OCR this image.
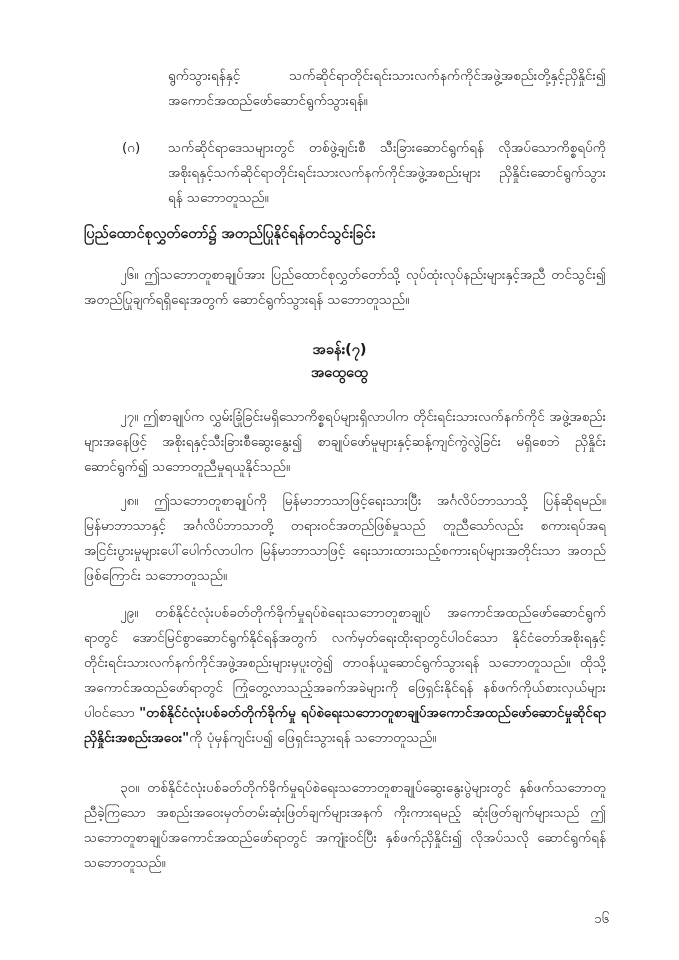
ရွက်သွားရန်နှင့် သက်ဆိုင်ရာတိုင်းရင်းသားလက်နက်ကိုင်အဖွဲ့အစည်းတို့နှင့်ညှိနှိုင်း၍ အကောင်အထည်ဖော်ဆောင်ရွက်သွားရန်။

(ဂ) သက်ဆိုင်ရာဒေသများတွင် တစ်ဖွဲ့ချင်းစီ သီးခြားဆောင်ရွက်ရန် လိုအပ်သောကိစ္စရပ်ကို အစိုးရနှင့်သက်ဆိုင်ရာတိုင်းရင်းသားလက်နက်ကိုင်အဖွဲ့အစည်းများ ညှိနှိုင်းဆောင်ရွက်သွားရန် သဘောတူသည်။

ပြည်ထောင်စုလွှတ်တော်၌ အတည်ပြုနိုင်ရန်တင်သွင်းခြင်း

၂၆။ ဤသဘောတူစာချုပ်အား ပြည်ထောင်စုလွှတ်တော်သို့ လုပ်ထုံးလုပ်နည်းများနှင့်အညီ တင်သွင်း၍ အတည်ပြုချက်ရရှိရေးအတွက် ဆောင်ရွက်သွားရန် သဘောတူသည်။

အခန်း(၇)

အထွေထွေ

၂၇။ ဤစာချုပ်က လွှမ်းခြုံခြင်းမရှိသောကိစ္စရပ်များရှိလာပါက တိုင်းရင်းသားလက်နက်ကိုင် အဖွဲ့အစည်းများအနေဖြင့် အစိုးရနှင့်သီးခြားစီဆွေးနွေး၍ စာချုပ်ဖော်မူများနှင့်ဆန့်ကျင်ကွဲလွဲခြင်း မရှိစေဘဲ ညှိနှိုင်းဆောင်ရွက်၍ သဘောတူညီမှုရယူနိုင်သည်။

၂၈။ ဤသဘောတူစာချုပ်ကို မြန်မာဘာသာဖြင့်ရေးသားပြီး အင်္ဂလိပ်ဘာသာသို့ ပြန်ဆိုရမည်။ မြန်မာဘာသာနှင့် အင်္ဂလိပ်ဘာသာတို့ တရားဝင်အတည်ဖြစ်မှုသည် တူညီသော်လည်း စကားရပ်အရ အငြင်းပွားမှုများပေါ်ပေါက်လာပါက မြန်မာဘာသာဖြင့် ရေးသားထားသည့်စကားရပ်များအတိုင်းသာ အတည်ဖြစ်ကြောင်း သဘောတူသည်။

၂၉။ တစ်နိုင်ငံလုံးပစ်ခတ်တိုက်ခိုက်မှုရပ်စဲရေးသဘောတူစာချုပ် အကောင်အထည်ဖော်ဆောင်ရွက်ရာတွင် အောင်မြင်စွာဆောင်ရွက်နိုင်ရန်အတွက် လက်မှတ်ရေးထိုးရာတွင်ပါဝင်သော နိုင်ငံတော်အစိုးရနှင့် တိုင်းရင်းသားလက်နက်ကိုင်အဖွဲ့အစည်းများမှပူးတွဲ၍ တာဝန်ယူဆောင်ရွက်သွားရန် သဘောတူသည်။ ထိုသို့အကောင်အထည်ဖော်ရာတွင် ကြုံတွေ့လာသည့်အခက်အခဲများကို ဖြေရှင်းနိုင်ရန် နစ်ဖက်ကိုယ်စားလှယ်များပါဝင်သော "တစ်နိုင်ငံလုံးပစ်ခတ်တိုက်ခိုက်မှု ရပ်စဲရေးသဘောတူစာချုပ်အကောင်အထည်ဖော်ဆောင်မှုဆိုင်ရာညှိနှိုင်းအစည်းအဝေး"ကို ပုံမှန်ကျင်းပ၍ ဖြေရှင်းသွားရန် သဘောတူသည်။

၃၀။ တစ်နိုင်ငံလုံးပစ်ခတ်တိုက်ခိုက်မှုရပ်စဲရေးသဘောတူစာချုပ်ဆွေးနွေးပွဲများတွင် နှစ်ဖက်သဘောတူညီခဲ့ကြသော အစည်းအဝေးမှတ်တမ်းဆုံးဖြတ်ချက်များအနက် ကိုးကားရမည့် ဆုံးဖြတ်ချက်များသည် ဤသဘောတူစာချုပ်အကောင်အထည်ဖော်ရာတွင် အကျုံးဝင်ပြီး နှစ်ဖက်ညှိနှိုင်း၍ လိုအပ်သလို ဆောင်ရွက်ရန်သဘောတူသည်။

၁၆
